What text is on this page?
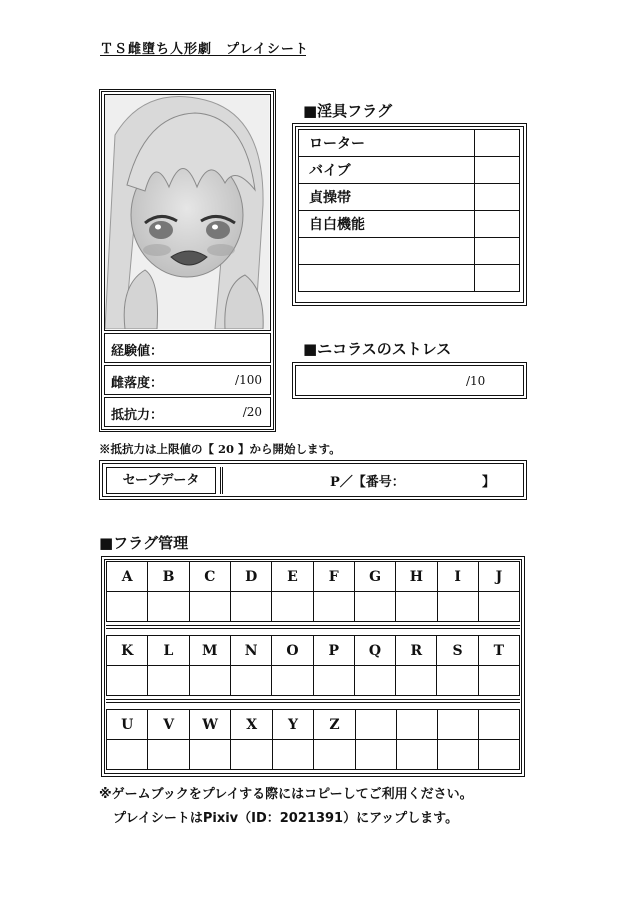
ＴＳ雌墮ち人形劇　プレイシート
経験値：
雌落度：	/100
抵抗力：	/20
※抵抗力は上限値の【 20 】から開始します。
■淫具フラグ
ローター	
バイブ	
貞操帯	
自白機能	

■ニコラスのストレス
/10
セーブデータ	P／【番号：	】
■フラグ管理
A	B	C	D	E	F	G	H	I	J

K	L	M	N	O	P	Q	R	S	T

U	V	W	X	Y	Z				

※ゲームブックをプレイする際にはコピーしてご利用ください。
プレイシートはPixiv（ID：2021391）にアップします。
